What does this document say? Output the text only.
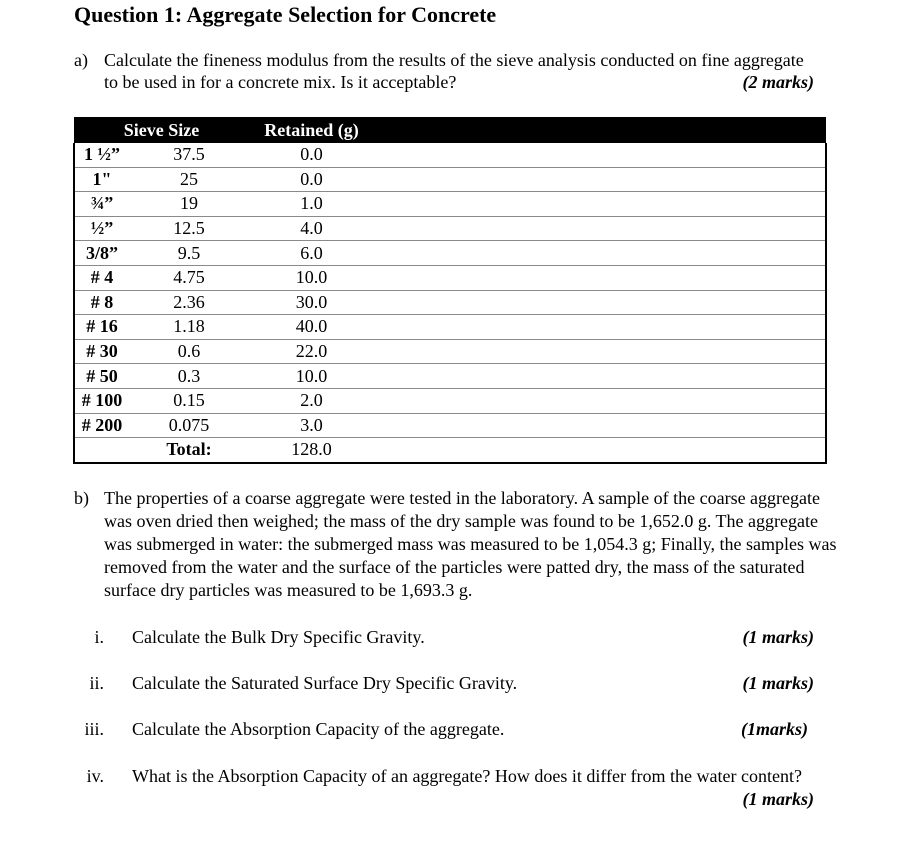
Question 1: Aggregate Selection for Concrete
a) Calculate the fineness modulus from the results of the sieve analysis conducted on fine aggregate to be used in for a concrete mix. Is it acceptable?	(2 marks)
Sieve Size		Retained (g)	
1 ½”	37.5	0.0	
1"	25	0.0	
¾”	19	1.0	
½”	12.5	4.0	
3/8”	9.5	6.0	
# 4	4.75	10.0	
# 8	2.36	30.0	
# 16	1.18	40.0	
# 30	0.6	22.0	
# 50	0.3	10.0	
# 100	0.15	2.0	
# 200	0.075	3.0	
	Total:	128.0	
b) The properties of a coarse aggregate were tested in the laboratory. A sample of the coarse aggregate was oven dried then weighed; the mass of the dry sample was found to be 1,652.0 g. The aggregate was submerged in water: the submerged mass was measured to be 1,054.3 g; Finally, the samples was removed from the water and the surface of the particles were patted dry, the mass of the saturated surface dry particles was measured to be 1,693.3 g.
i. Calculate the Bulk Dry Specific Gravity.	(1 marks)
ii. Calculate the Saturated Surface Dry Specific Gravity.	(1 marks)
iii. Calculate the Absorption Capacity of the aggregate.	(1marks)
iv. What is the Absorption Capacity of an aggregate? How does it differ from the water content?
(1 marks)
